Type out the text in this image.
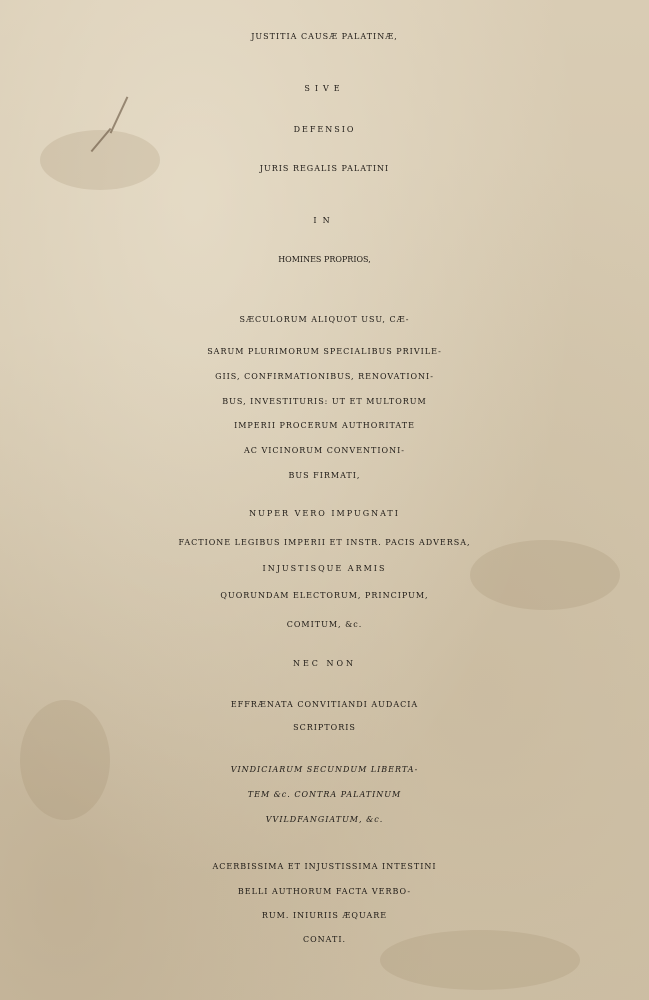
JUSTITIA CAUSÆ PALATINÆ,
SIVE
DEFENSIO
JURIS REGALIS PALATINI
IN
HOMINES PROPRIOS,
SÆCULORUM ALIQUOT USU, CÆ-
SARUM PLURIMORUM SPECIALIBUS PRIVILE-
GIIS, CONFIRMATIONIBUS, RENOVATIONI-
BUS, INVESTITURIS: UT ET MULTORUM
IMPERII PROCERUM AUTHORITATE
AC VICINORUM CONVENTIONI-
BUS FIRMATI,
NUPER VERO IMPUGNATI
FACTIONE LEGIBUS IMPERII ET INSTR. PACIS ADVERSA,
INJUSTISQUE ARMIS
QUORUNDAM ELECTORUM, PRINCIPUM,
COMITUM, &c.
NEC NON
EFFRÆNATA CONVITIANDI AUDACIA
SCRIPTORIS
VINDICIARUM SECUNDUM LIBERTA-
TEM &c. CONTRA PALATINUM
VVILDFANGIATUM, &c.
ACERBISSIMA ET INJUSTISSIMA INTESTINI
BELLI AUTHORUM FACTA VERBO-
RUM. INIURIIS ÆQUARE
CONATI.
